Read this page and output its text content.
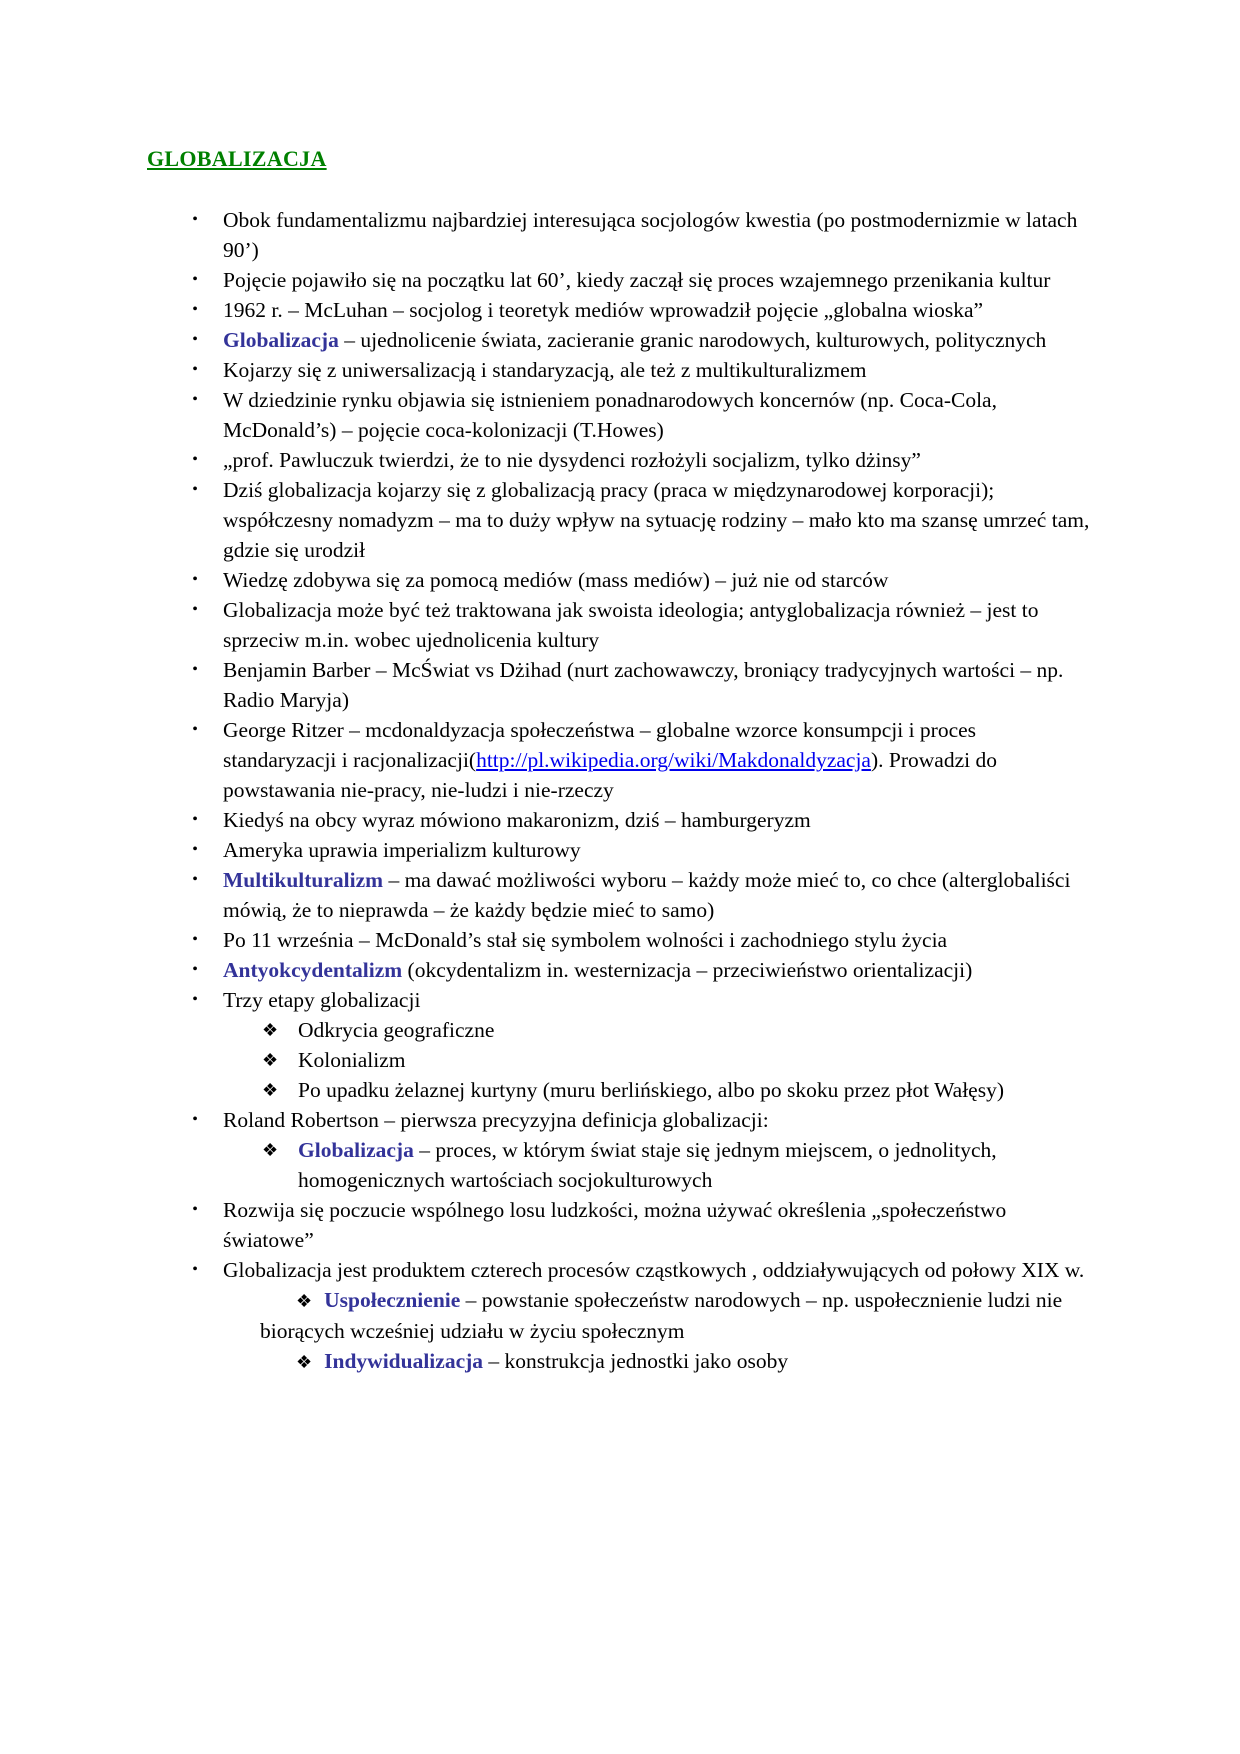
GLOBALIZACJA
• Obok fundamentalizmu najbardziej interesująca socjologów kwestia (po postmodernizmie w latach 90’)
• Pojęcie pojawiło się na początku lat 60’, kiedy zaczął się proces wzajemnego przenikania kultur
• 1962 r. – McLuhan – socjolog i teoretyk mediów wprowadził pojęcie „globalna wioska”
• Globalizacja – ujednolicenie świata, zacieranie granic narodowych, kulturowych, politycznych
• Kojarzy się z uniwersalizacją i standaryzacją, ale też z multikulturalizmem
• W dziedzinie rynku objawia się istnieniem ponadnarodowych koncernów (np. Coca-Cola, McDonald’s) – pojęcie coca-kolonizacji (T.Howes)
• „prof. Pawluczuk twierdzi, że to nie dysydenci rozłożyli socjalizm, tylko dżinsy”
• Dziś globalizacja kojarzy się z globalizacją pracy (praca w międzynarodowej korporacji); współczesny nomadyzm – ma to duży wpływ na sytuację rodziny – mało kto ma szansę umrzeć tam, gdzie się urodził
• Wiedzę zdobywa się za pomocą mediów (mass mediów) – już nie od starców
• Globalizacja może być też traktowana jak swoista ideologia; antyglobalizacja również – jest to sprzeciw m.in. wobec ujednolicenia kultury
• Benjamin Barber – McŚwiat vs Dżihad (nurt zachowawczy, broniący tradycyjnych wartości – np. Radio Maryja)
• George Ritzer – mcdonaldyzacja społeczeństwa – globalne wzorce konsumpcji i proces standaryzacji i racjonalizacji(http://pl.wikipedia.org/wiki/Makdonaldyzacja). Prowadzi do powstawania nie-pracy, nie-ludzi i nie-rzeczy
• Kiedyś na obcy wyraz mówiono makaronizm, dziś – hamburgeryzm
• Ameryka uprawia imperializm kulturowy
• Multikulturalizm – ma dawać możliwości wyboru – każdy może mieć to, co chce (alterglobaliści mówią, że to nieprawda – że każdy będzie mieć to samo)
• Po 11 września – McDonald’s stał się symbolem wolności i zachodniego stylu życia
• Antyokcydentalizm (okcydentalizm in. westernizacja – przeciwieństwo orientalizacji)
• Trzy etapy globalizacji
❖ Odkrycia geograficzne
❖ Kolonializm
❖ Po upadku żelaznej kurtyny (muru berlińskiego, albo po skoku przez płot Wałęsy)
• Roland Robertson – pierwsza precyzyjna definicja globalizacji:
❖ Globalizacja – proces, w którym świat staje się jednym miejscem, o jednolitych, homogenicznych wartościach socjokulturowych
• Rozwija się poczucie wspólnego losu ludzkości, można używać określenia „społeczeństwo światowe”
• Globalizacja jest produktem czterech procesów cząstkowych , oddziaływujących od połowy XIX w.
❖ Uspołecznienie – powstanie społeczeństw narodowych – np. uspołecznienie ludzi nie biorących wcześniej udziału w życiu społecznym
❖ Indywidualizacja – konstrukcja jednostki jako osoby
